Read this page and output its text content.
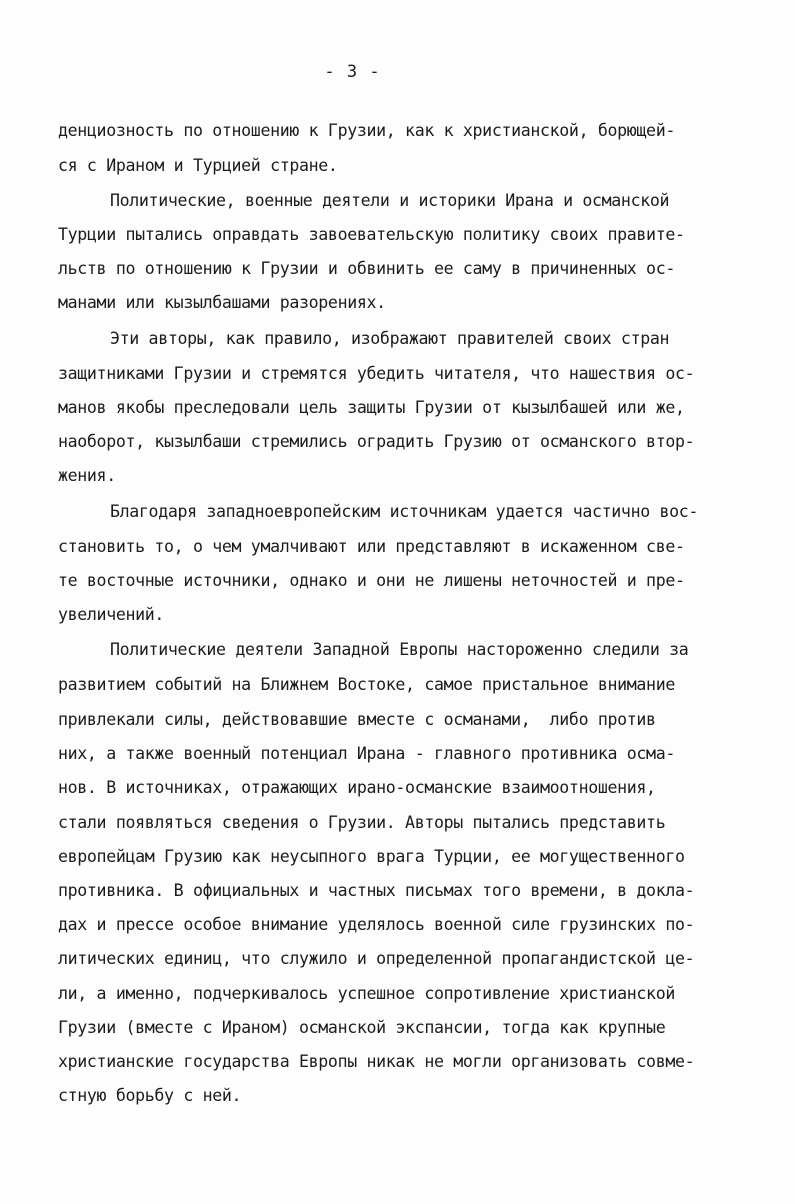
- 3 -
денциозность по отношению к Грузии, как к христианской, борющей-
ся с Ираном и Турцией стране.
Политические, военные деятели и историки Ирана и османской
Турции пытались оправдать завоевательскую политику своих правите-
льств по отношению к Грузии и обвинить ее саму в причиненных ос-
манами или кызылбашами разорениях.
Эти авторы, как правило, изображают правителей своих стран
защитниками Грузии и стремятся убедить читателя, что нашествия ос-
манов якобы преследовали цель защиты Грузии от кызылбашей или же,
наоборот, кызылбаши стремились оградить Грузию от османского втор-
жения.
Благодаря западноевропейским источникам удается частично вос-
становить то, о чем умалчивают или представляют в искаженном све-
те восточные источники, однако и они не лишены неточностей и пре-
увеличений.
Политические деятели Западной Европы настороженно следили за
развитием событий на Ближнем Востоке, самое пристальное внимание
привлекали силы, действовавшие вместе с османами,  либо против
них, а также военный потенциал Ирана - главного противника осма-
нов. В источниках, отражающих ирано-османские взаимоотношения,
стали появляться сведения о Грузии. Авторы пытались представить
европейцам Грузию как неусыпного врага Турции, ее могущественного
противника. В официальных и частных письмах того времени, в докла-
дах и прессе особое внимание уделялось военной силе грузинских по-
литических единиц, что служило и определенной пропагандистской це-
ли, а именно, подчеркивалось успешное сопротивление христианской
Грузии (вместе с Ираном) османской экспансии, тогда как крупные
христианские государства Европы никак не могли организовать совме-
стную борьбу с ней.
